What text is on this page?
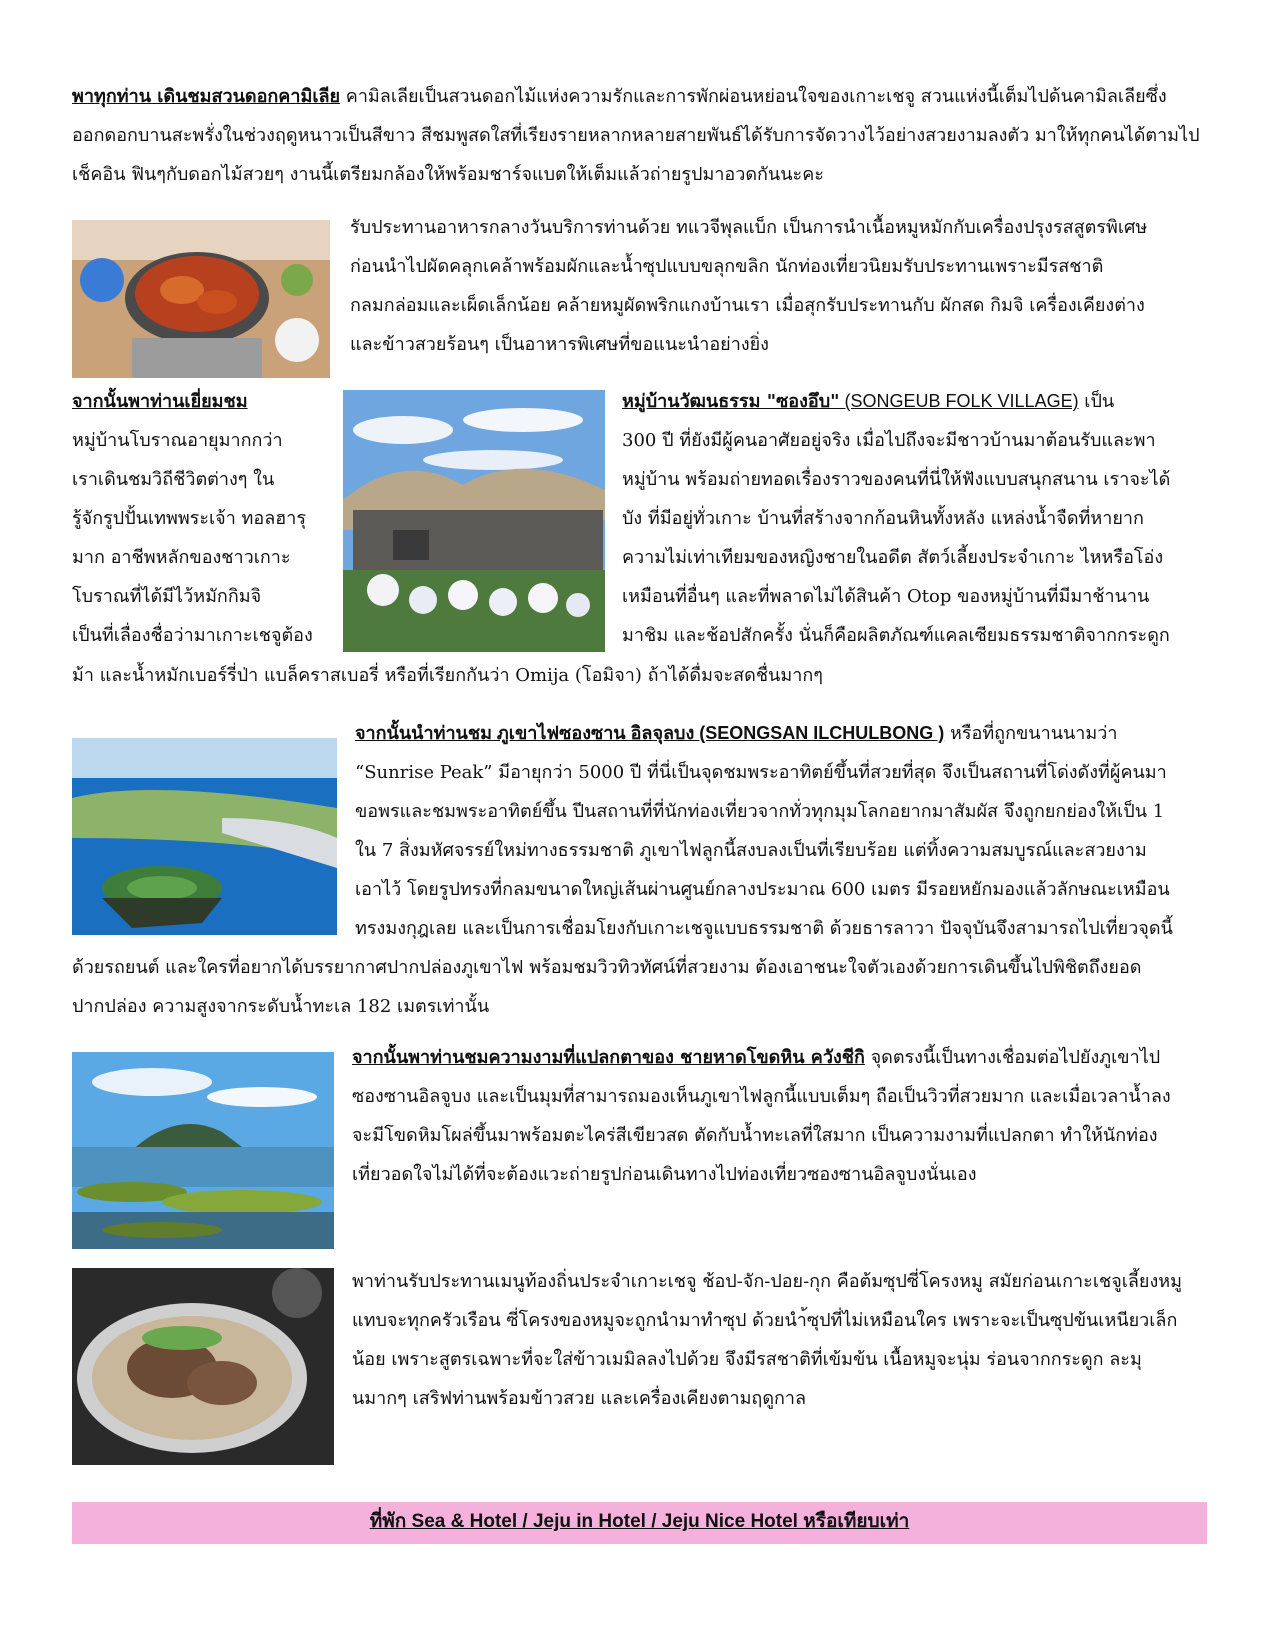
พาทุกท่าน เดินชมสวนดอกคามิเลีย คามิลเลียเป็นสวนดอกไม้แห่งความรักและการพักผ่อนหย่อนใจของเกาะเชจู สวนแห่งนี้เต็มไปด้นคามิลเลียซึ่งออกดอกบานสะพรั่งในช่วงฤดูหนาวเป็นสีขาว สีชมพูสดใสที่เรียงรายหลากหลายสายพันธ์ได้รับการจัดวางไว้อย่างสวยงามลงตัว มาให้ทุกคนได้ตามไปเช็คอิน ฟินๆกับดอกไม้สวยๆ งานนี้เตรียมกล้องให้พร้อมชาร์จแบตให้เต็มแล้วถ่ายรูปมาอวดกันนะคะ
รับประทานอาหารกลางวันบริการท่านด้วย ทแวจีพุลแบ็ก เป็นการนำเนื้อหมูหมักกับเครื่องปรุงรสสูตรพิเศษก่อนนำไปผัดคลุกเคล้าพร้อมผักและน้ำซุปแบบขลุกขลิก นักท่องเที่ยวนิยมรับประทานเพราะมีรสชาติกลมกล่อมและเผ็ดเล็กน้อย คล้ายหมูผัดพริกแกงบ้านเรา เมื่อสุกรับประทานกับ ผักสด กิมจิ เครื่องเคียงต่าง และข้าวสวยร้อนๆ เป็นอาหารพิเศษที่ขอแนะนำอย่างยิ่ง
จากนั้นพาท่านเยี่ยมชม
หมู่บ้านโบราณอายุมากกว่า
เราเดินชมวิถีชีวิตต่างๆ ใน
รู้จักรูปปั้นเทพพระเจ้า ทอลฮารุ
มาก อาชีพหลักของชาวเกาะ
โบราณที่ได้มีไว้หมักกิมจิ
เป็นที่เลื่องชื่อว่ามาเกาะเชจูต้อง
หมู่บ้านวัฒนธรรม "ซองอึบ" (SONGEUB FOLK VILLAGE) เป็น
300 ปี ที่ยังมีผู้คนอาศัยอยู่จริง เมื่อไปถึงจะมีชาวบ้านมาต้อนรับและพา
หมู่บ้าน พร้อมถ่ายทอดเรื่องราวของคนที่นี่ให้ฟังแบบสนุกสนาน เราจะได้
บัง ที่มีอยู่ทั่วเกาะ บ้านที่สร้างจากก้อนหินทั้งหลัง แหล่งน้ำจืดที่หายาก
ความไม่เท่าเทียมของหญิงชายในอดีต สัตว์เลี้ยงประจำเกาะ ไหหรือโอ่ง
เหมือนที่อื่นๆ และที่พลาดไม่ได้สินค้า Otop ของหมู่บ้านที่มีมาช้านาน
มาชิม และช้อปสักครั้ง นั่นก็คือผลิตภัณฑ์แคลเซียมธรรมชาติจากกระดูก
ม้า และน้ำหมักเบอร์รี่ป่า แบล็คราสเบอรี่ หรือที่เรียกกันว่า Omija (โอมิจา) ถ้าได้ดื่มจะสดชื่นมากๆ
จากนั้นนำท่านชม ภูเขาไฟซองซาน อิลจุลบง (SEONGSAN ILCHULBONG ) หรือที่ถูกขนานนามว่า
“Sunrise Peak” มีอายุกว่า 5000 ปี ที่นี่เป็นจุดชมพระอาทิตย์ขึ้นที่สวยที่สุด จึงเป็นสถานที่โด่งดังที่ผู้คนมา
ขอพรและชมพระอาทิตย์ขึ้น ปีนสถานที่ที่นักท่องเที่ยวจากทั่วทุกมุมโลกอยากมาสัมผัส จึงถูกยกย่องให้เป็น 1
ใน 7 สิ่งมหัศจรรย์ใหม่ทางธรรมชาติ ภูเขาไฟลูกนี้สงบลงเป็นที่เรียบร้อย แต่ทิ้งความสมบูรณ์และสวยงาม
เอาไว้ โดยรูปทรงที่กลมขนาดใหญ่เส้นผ่านศูนย์กลางประมาณ 600 เมตร มีรอยหยักมองแล้วลักษณะเหมือน
ทรงมงกุฎเลย และเป็นการเชื่อมโยงกับเกาะเชจูแบบธรรมชาติ ด้วยธารลาวา ปัจจุบันจึงสามารถไปเที่ยวจุดนี้
ด้วยรถยนต์ และใครที่อยากได้บรรยากาศปากปล่องภูเขาไฟ พร้อมชมวิวทิวทัศน์ที่สวยงาม ต้องเอาชนะใจตัวเองด้วยการเดินขึ้นไปพิชิตถึงยอด
ปากปล่อง ความสูงจากระดับน้ำทะเล 182 เมตรเท่านั้น
จากนั้นพาท่านชมความงามที่แปลกตาของ ชายหาดโขดหิน ควังชีกิ จุดตรงนี้เป็นทางเชื่อมต่อไปยังภูเขาไปซองซานอิลจูบง และเป็นมุมที่สามารถมองเห็นภูเขาไฟลูกนี้แบบเต็มๆ ถือเป็นวิวที่สวยมาก และเมื่อเวลาน้ำลงจะมีโขดหิมโผล่ขึ้นมาพร้อมตะไคร่สีเขียวสด ตัดกับน้ำทะเลที่ใสมาก เป็นความงามที่แปลกตา ทำให้นักท่องเที่ยวอดใจไม่ได้ที่จะต้องแวะถ่ายรูปก่อนเดินทางไปท่องเที่ยวซองซานอิลจูบงนั่นเอง
พาท่านรับประทานเมนูท้องถิ่นประจำเกาะเชจู ช้อป-จัก-ปอย-กุก คือต้มซุปซี่โครงหมู สมัยก่อนเกาะเชจูเลี้ยงหมูแทบจะทุกครัวเรือน ซี่โครงของหมูจะถูกนำมาทำซุป ด้วยนำ้ซุปที่ไม่เหมือนใคร เพราะจะเป็นซุปข้นเหนียวเล็กน้อย เพราะสูตรเฉพาะที่จะใส่ข้าวเมมิลลงไปด้วย จึงมีรสชาติที่เข้มข้น เนื้อหมูจะนุ่ม ร่อนจากกระดูก ละมุนมากๆ เสริฟท่านพร้อมข้าวสวย และเครื่องเคียงตามฤดูกาล
ที่พัก Sea & Hotel / Jeju in Hotel / Jeju Nice Hotel หรือเทียบเท่า
